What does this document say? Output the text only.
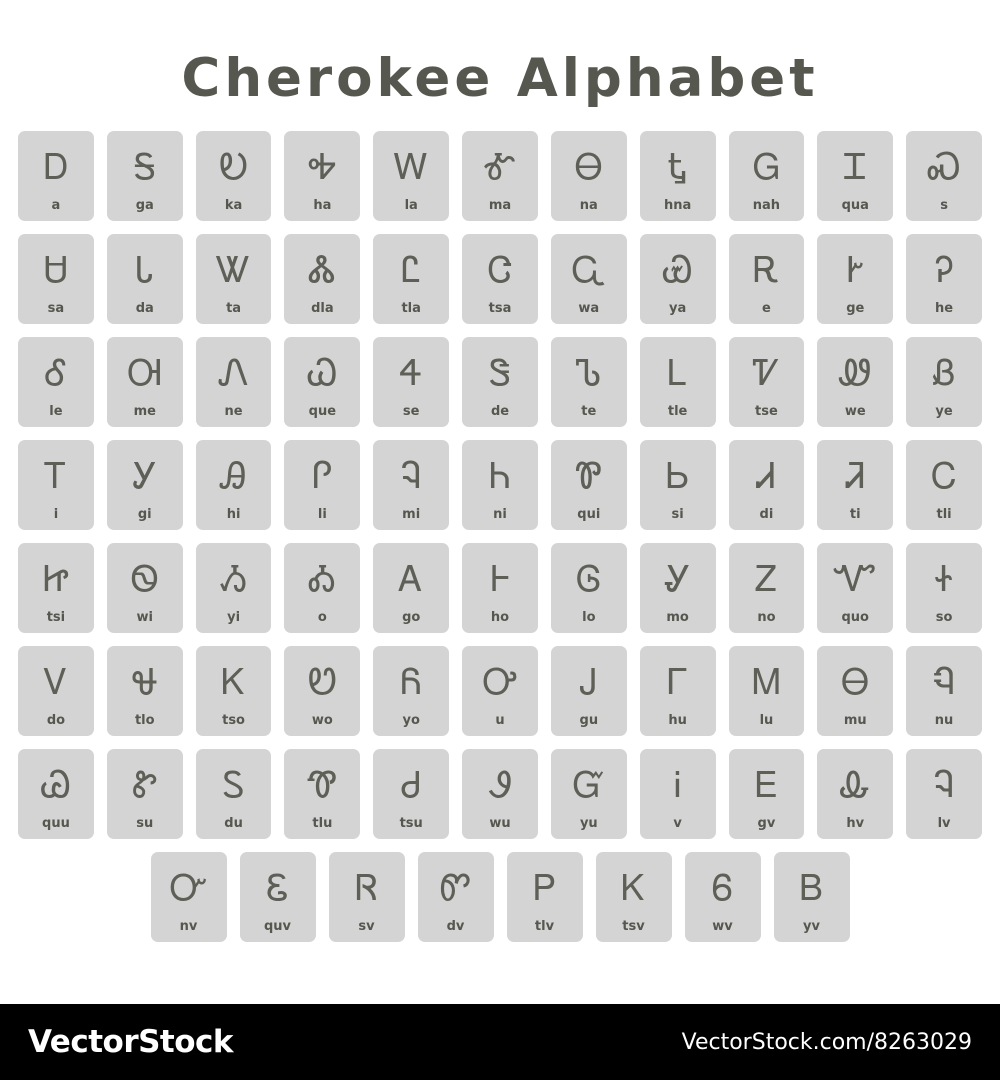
Cherokee Alphabet
Ꭰ
a
Ꭶ
ga
Ꭷ
ka
Ꭽ
ha
Ꮃ
la
Ꮉ
ma
Ꮎ
na
Ꮏ
hna
Ꮐ
nah
Ꮖ
qua
Ꮝ
s
Ꮜ
sa
Ꮣ
da
Ꮤ
ta
Ꮬ
dla
Ꮭ
tla
Ꮳ
tsa
Ꮹ
wa
Ꮿ
ya
Ꭱ
e
Ꭸ
ge
Ꭾ
he
Ꮄ
le
Ꮊ
me
Ꮑ
ne
Ꮗ
que
Ꮞ
se
Ꮥ
de
Ꮦ
te
Ꮮ
tle
Ꮴ
tse
Ꮺ
we
Ᏸ
ye
Ꭲ
i
Ꭹ
gi
Ꭿ
hi
Ꮅ
li
Ꮈ
mi
Ꮒ
ni
Ꮘ
qui
Ꮟ
si
Ꮧ
di
Ꮨ
ti
Ꮯ
tli
Ꮵ
tsi
Ꮻ
wi
Ᏹ
yi
Ꭳ
o
Ꭺ
go
Ꮀ
ho
Ꮆ
lo
Ꮍ
mo
Ꮓ
no
Ꮙ
quo
Ꮠ
so
Ꮩ
do
Ꮰ
tlo
Ꮶ
tso
Ꮼ
wo
Ᏺ
yo
Ꭴ
u
Ꭻ
gu
Ꮁ
hu
Ꮇ
lu
Ꮎ
mu
Ꮔ
nu
Ꮚ
quu
Ꮡ
su
Ꮪ
du
Ꮱ
tlu
Ꮷ
tsu
Ꮽ
wu
Ᏻ
yu
Ꭵ
v
Ꭼ
gv
Ꮂ
hv
Ꮈ
lv
Ꮕ
nv
Ꮛ
quv
Ꮢ
sv
Ꮫ
dv
Ꮲ
tlv
Ꮶ
tsv
Ꮾ
wv
Ᏼ
yv
VectorStock	VectorStock.com/8263029
